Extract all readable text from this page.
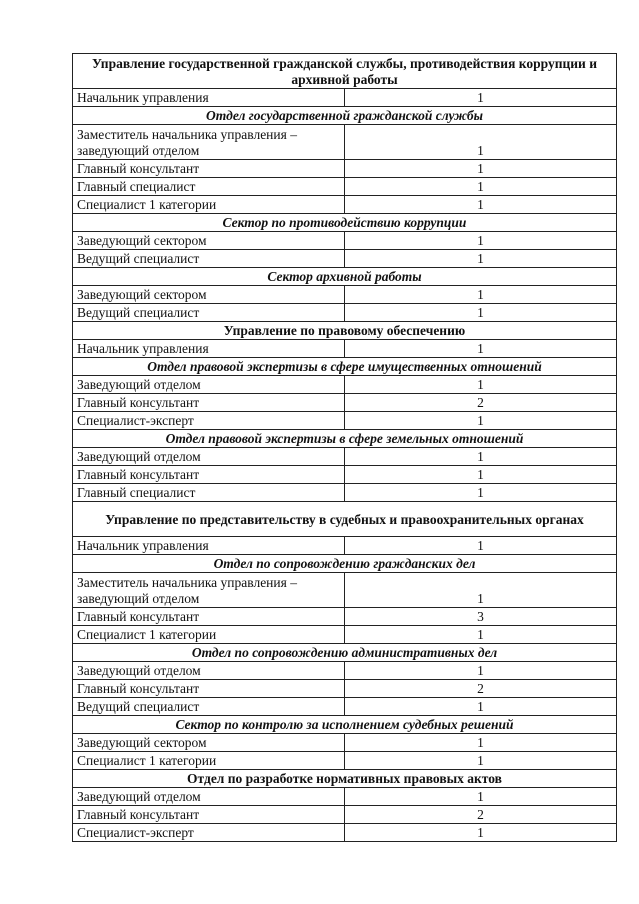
Управление государственной гражданской службы, противодействия коррупции и архивной работы	
Начальник управления	1
Отдел государственной гражданской службы	
Заместитель начальника управления – заведующий отделом	1
Главный консультант	1
Главный специалист	1
Специалист 1 категории	1
Сектор по противодействию коррупции	
Заведующий сектором	1
Ведущий специалист	1
Сектор архивной работы	
Заведующий сектором	1
Ведущий специалист	1
Управление по правовому обеспечению	
Начальник управления	1
Отдел правовой экспертизы в сфере имущественных отношений	
Заведующий отделом	1
Главный консультант	2
Специалист-эксперт	1
Отдел правовой экспертизы в сфере земельных отношений	
Заведующий отделом	1
Главный консультант	1
Главный специалист	1
Управление по представительству в судебных и правоохранительных органах	
Начальник управления	1
Отдел по сопровождению гражданских дел	
Заместитель начальника управления – заведующий отделом	1
Главный консультант	3
Специалист 1 категории	1
Отдел по сопровождению административных дел	
Заведующий отделом	1
Главный консультант	2
Ведущий специалист	1
Сектор по контролю за исполнением судебных решений	
Заведующий сектором	1
Специалист 1 категории	1
Отдел по разработке нормативных правовых актов	
Заведующий отделом	1
Главный консультант	2
Специалист-эксперт	1
